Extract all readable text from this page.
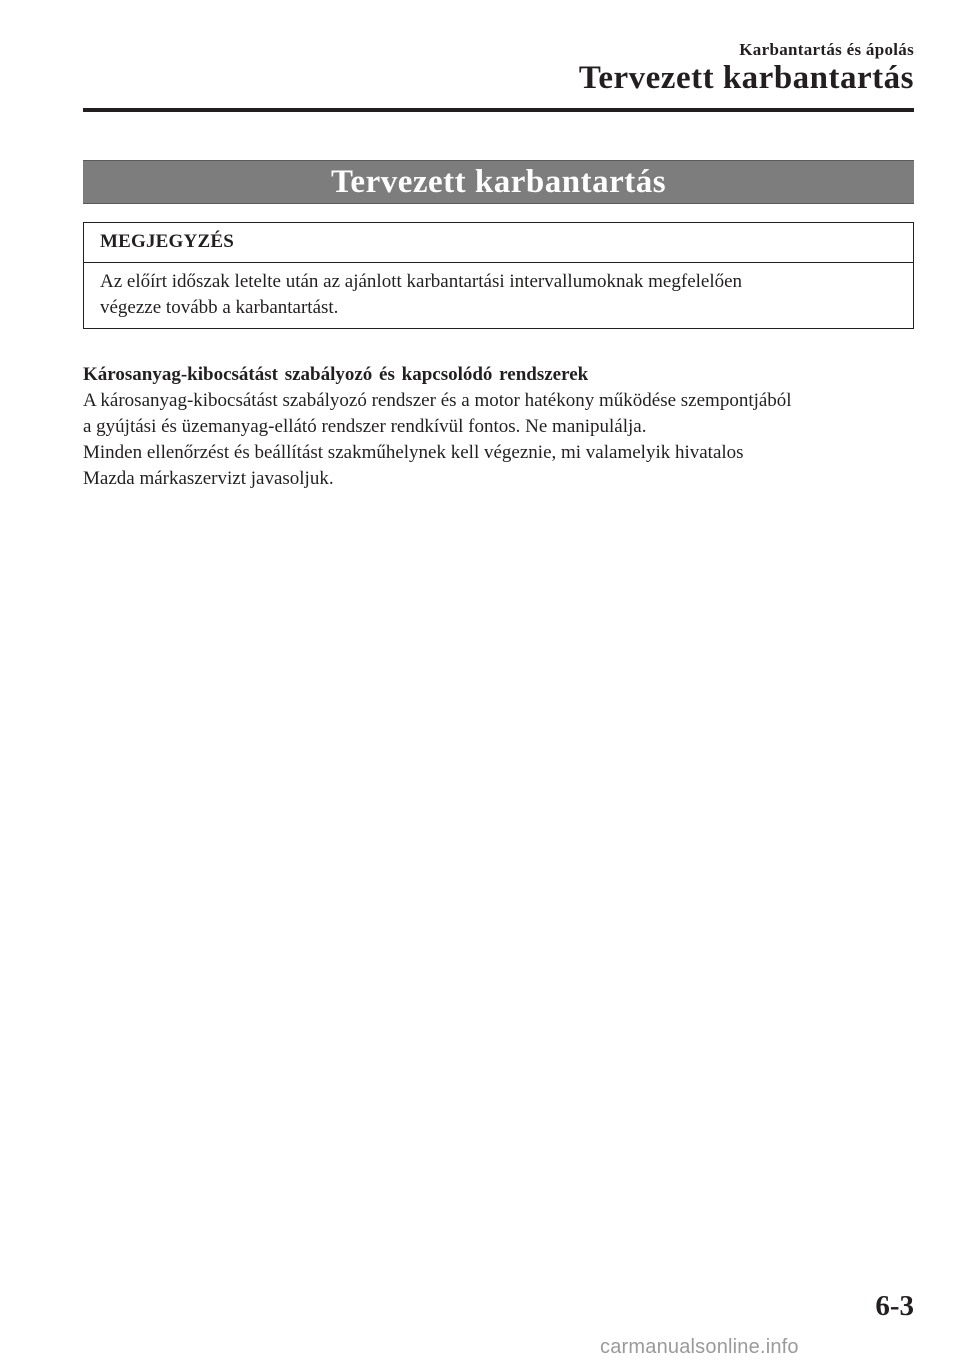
Karbantartás és ápolás
Tervezett karbantartás
Tervezett karbantartás
MEGJEGYZÉS
Az előírt időszak letelte után az ajánlott karbantartási intervallumoknak megfelelően
végezze tovább a karbantartást.

Károsanyag-kibocsátást szabályozó és kapcsolódó rendszerek

A károsanyag-kibocsátást szabályozó rendszer és a motor hatékony működése szempontjából

a gyújtási és üzemanyag-ellátó rendszer rendkívül fontos. Ne manipulálja.

Minden ellenőrzést és beállítást szakműhelynek kell végeznie, mi valamelyik hivatalos

Mazda márkaszervizt javasoljuk.

6-3
carmanualsonline.info
